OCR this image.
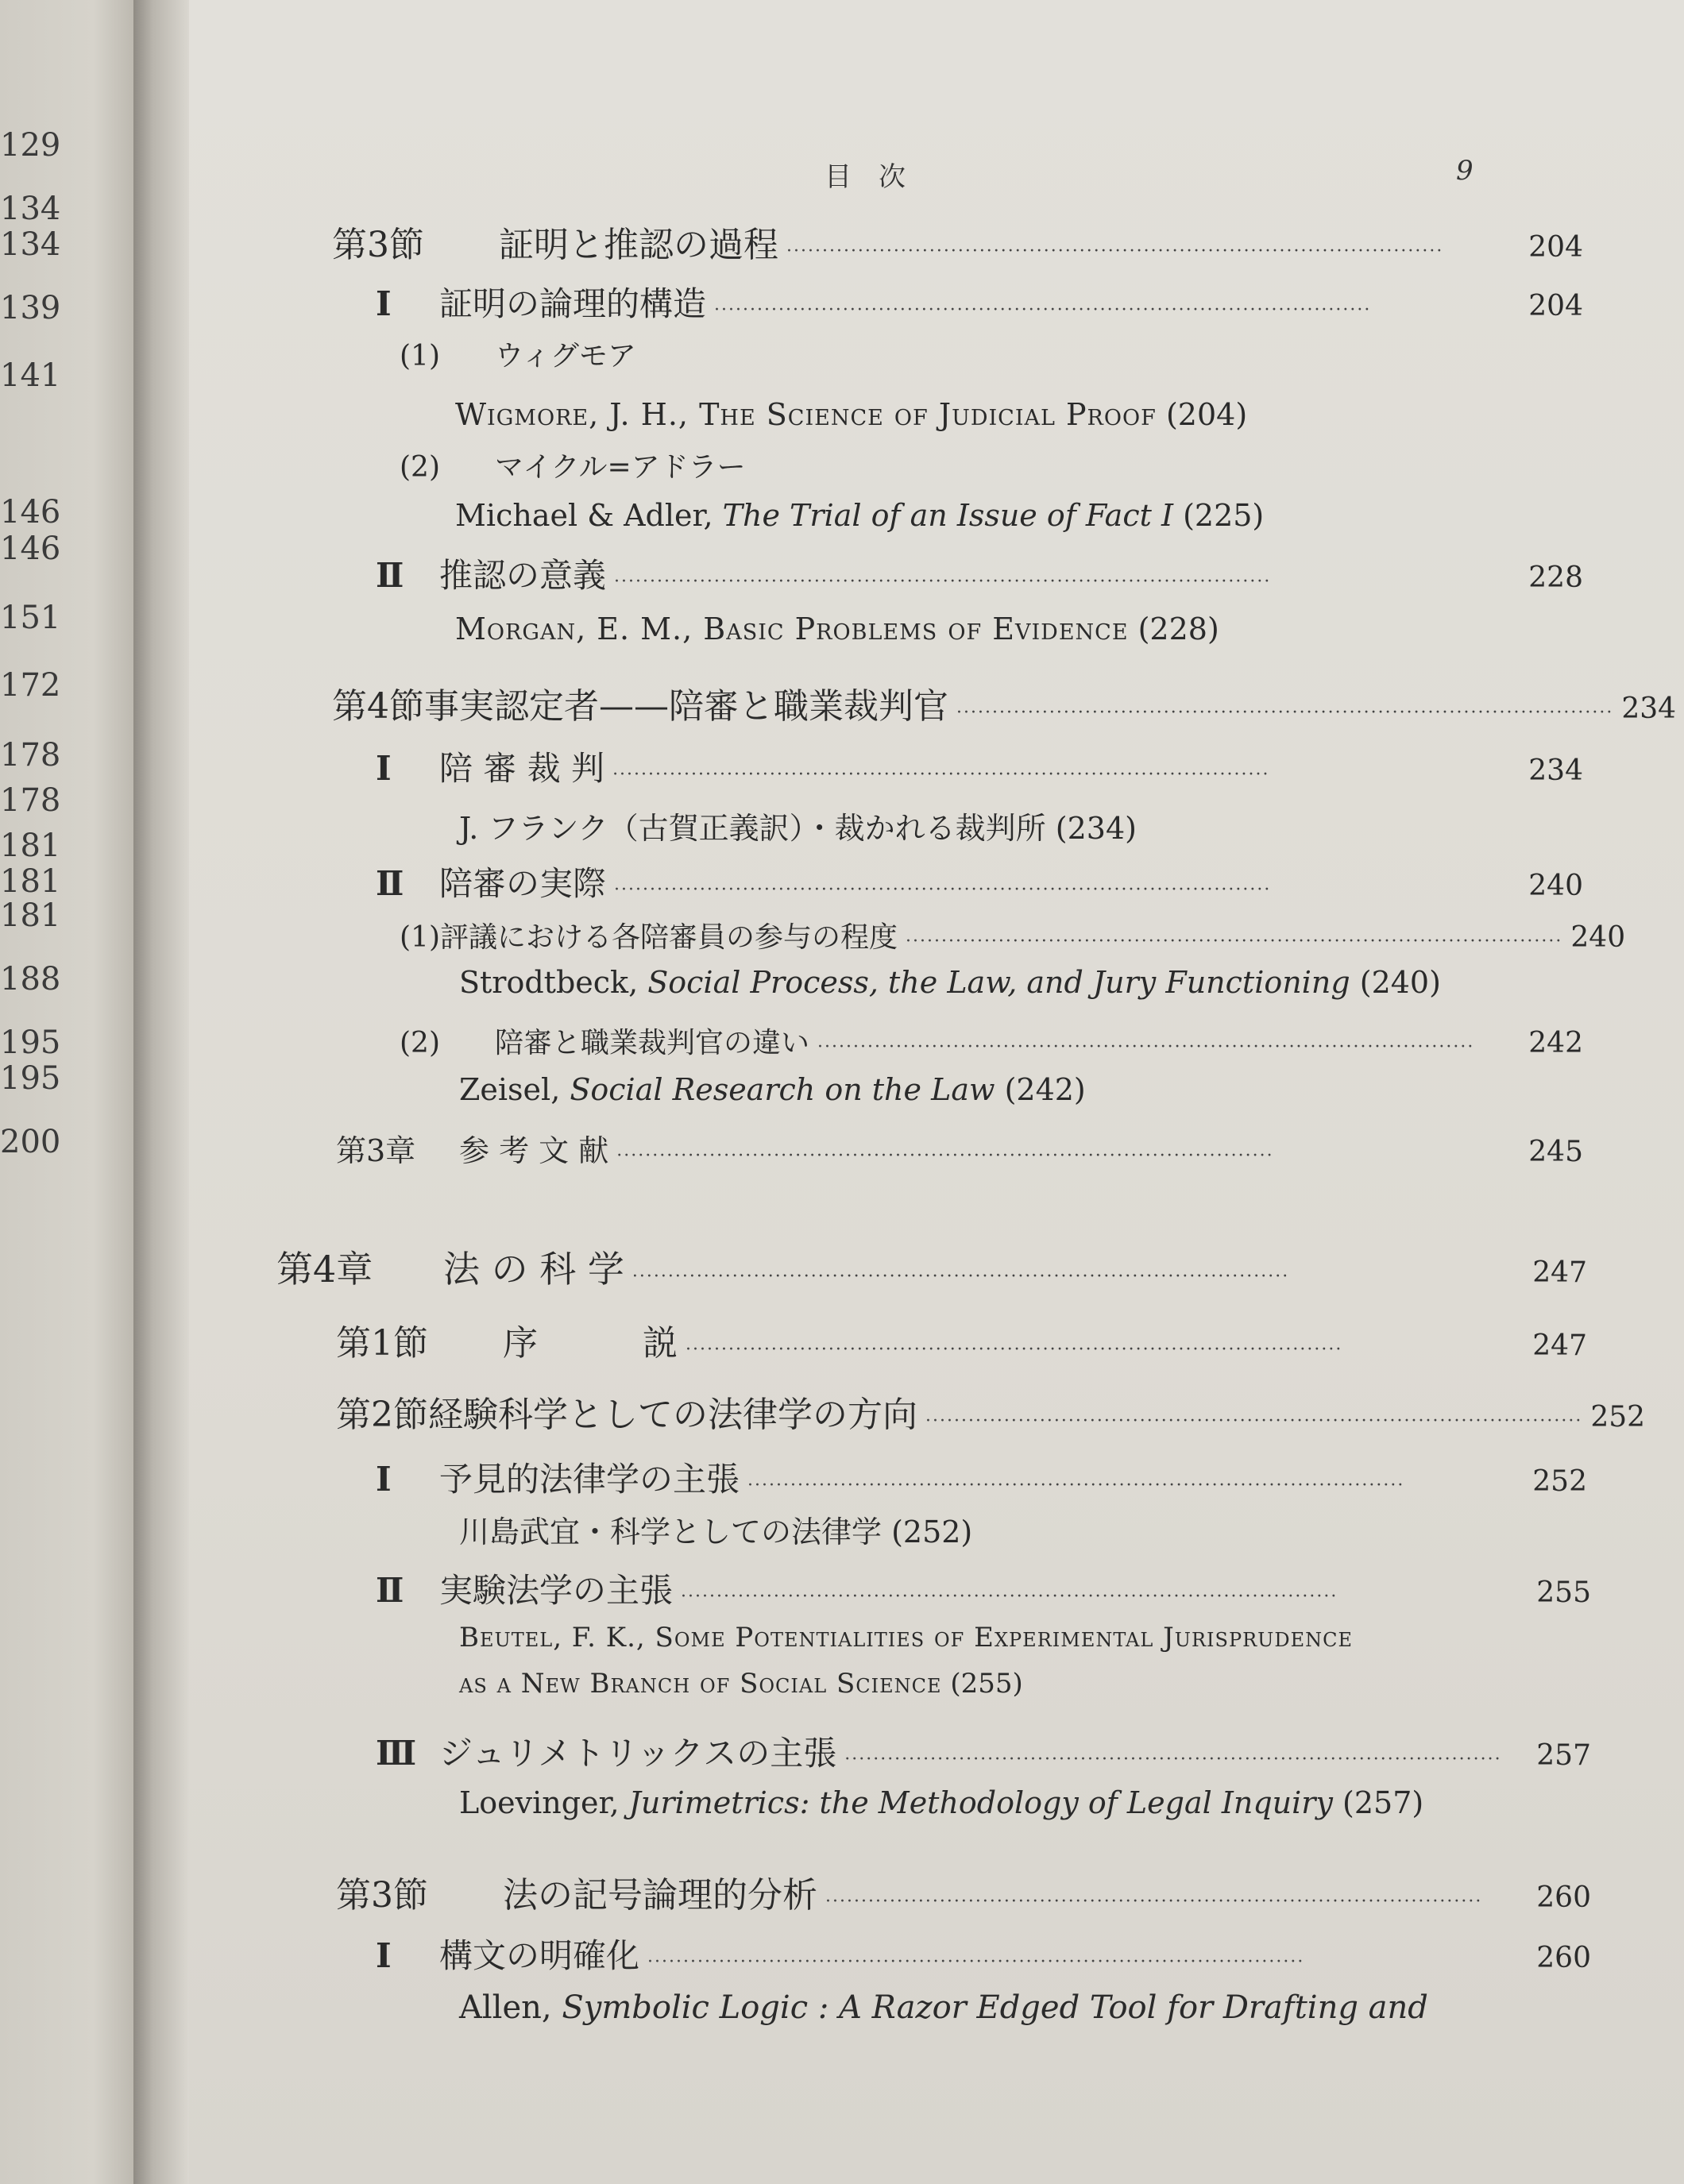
129
134
134
139
141
146
146
151
172
178
178
181
181
181
188
195
195
200
目　次	9
第3節	証明と推認の過程 ····························································································	204
Ⅰ	証明の論理的構造 ····························································································	204
(1)	ウィグモア
Wigmore, J. H., The Science of Judicial Proof (204)
(2)	マイクル=アドラー
Michael & Adler, The Trial of an Issue of Fact I (225)
Ⅱ	推認の意義 ····························································································	228
Morgan, E. M., Basic Problems of Evidence (228)
第4節 事実認定者——陪審と職業裁判官 ···························································································· 234
Ⅰ	陪 審 裁 判 ····························································································	234
J. フランク（古賀正義訳）・裁かれる裁判所 (234)
Ⅱ	陪審の実際 ····························································································	240
(1) 評議における各陪審員の参与の程度 ···························································································· 240
Strodtbeck, Social Process, the Law, and Jury Functioning (240)
(2)	陪審と職業裁判官の違い ····························································································	242
Zeisel, Social Research on the Law (242)
第3章	参 考 文 献 ····························································································	245
第4章	法 の 科 学 ····························································································	247
第1節	序　　　説 ····························································································	247
第2節 経験科学としての法律学の方向 ···························································································· 252
Ⅰ	予見的法律学の主張 ····························································································	252
川島武宜・科学としての法律学 (252)
Ⅱ	実験法学の主張 ····························································································	255
Beutel, F. K., Some Potentialities of Experimental Jurisprudence
as a New Branch of Social Science (255)
Ⅲ ジュリメトリックスの主張 ····························································································	257
Loevinger, Jurimetrics: the Methodology of Legal Inquiry (257)
第3節	法の記号論理的分析 ····························································································	260
Ⅰ	構文の明確化 ····························································································	260
Allen, Symbolic Logic : A Razor Edged Tool for Drafting and
